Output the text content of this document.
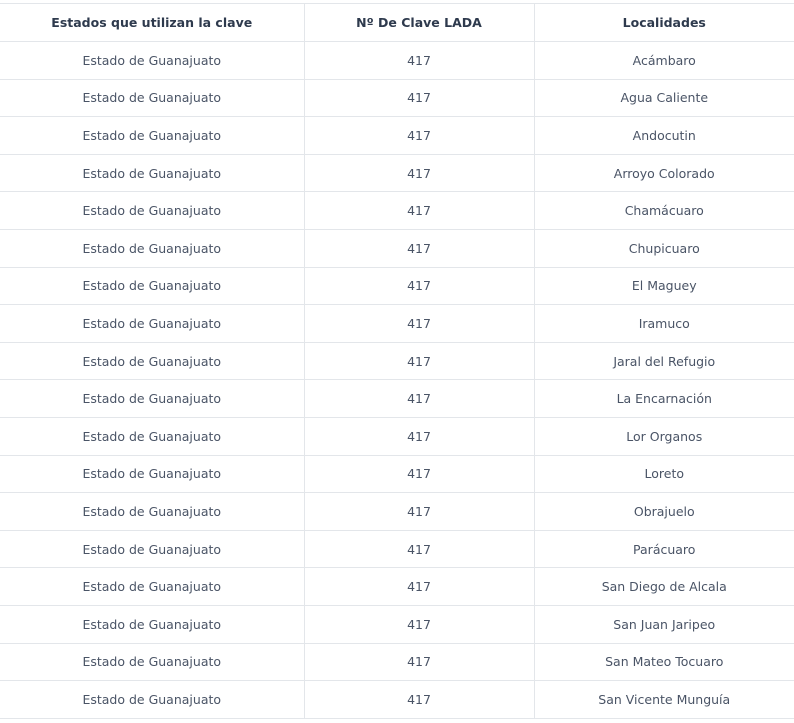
Estados que utilizan la clave	Nº De Clave LADA	Localidades
Estado de Guanajuato	417	Acámbaro
Estado de Guanajuato	417	Agua Caliente
Estado de Guanajuato	417	Andocutin
Estado de Guanajuato	417	Arroyo Colorado
Estado de Guanajuato	417	Chamácuaro
Estado de Guanajuato	417	Chupicuaro
Estado de Guanajuato	417	El Maguey
Estado de Guanajuato	417	Iramuco
Estado de Guanajuato	417	Jaral del Refugio
Estado de Guanajuato	417	La Encarnación
Estado de Guanajuato	417	Lor Organos
Estado de Guanajuato	417	Loreto
Estado de Guanajuato	417	Obrajuelo
Estado de Guanajuato	417	Parácuaro
Estado de Guanajuato	417	San Diego de Alcala
Estado de Guanajuato	417	San Juan Jaripeo
Estado de Guanajuato	417	San Mateo Tocuaro
Estado de Guanajuato	417	San Vicente Munguía
